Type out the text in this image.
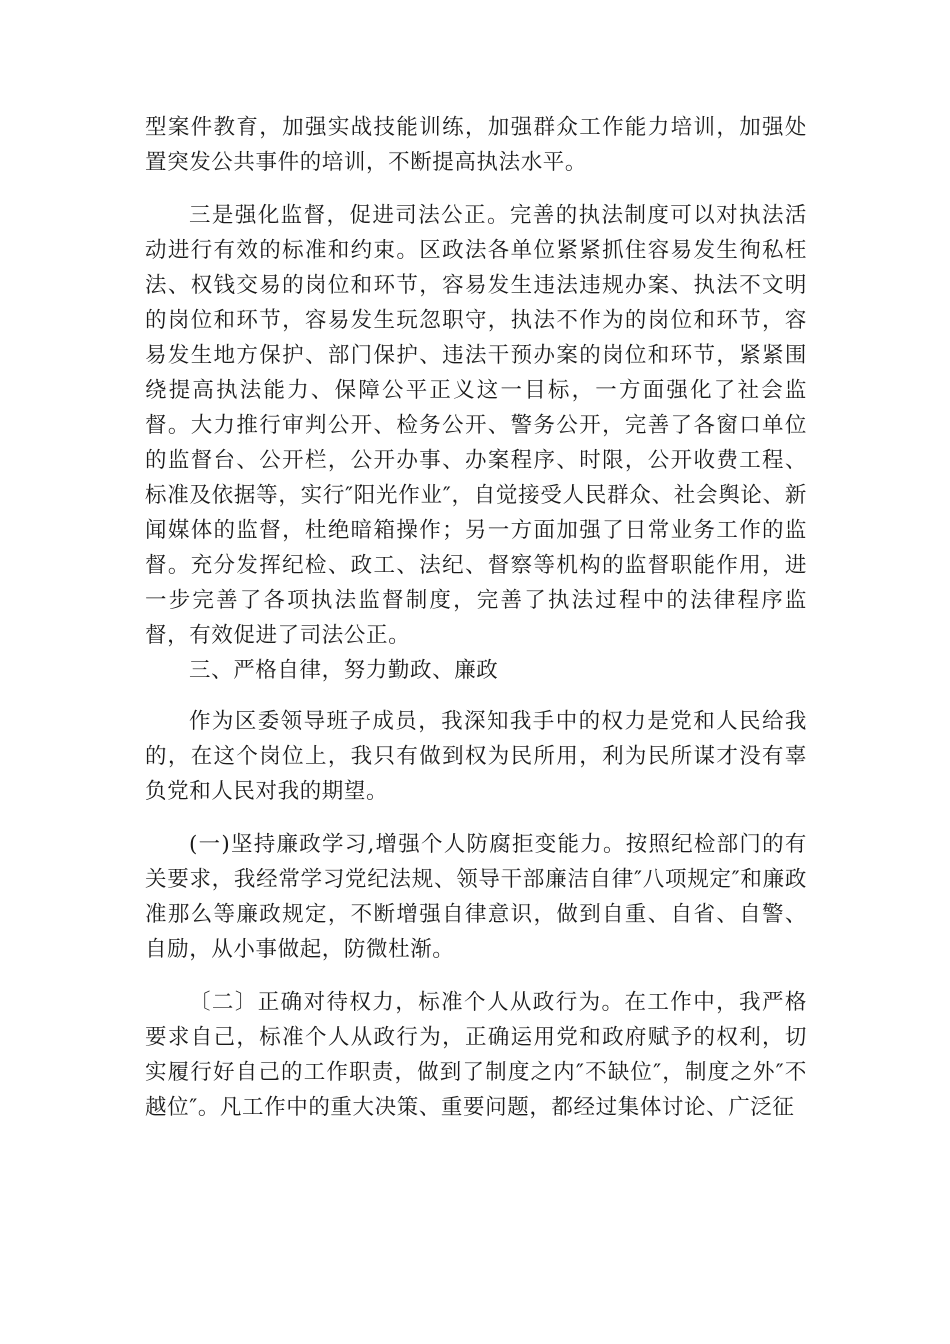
型案件教育，加强实战技能训练，加强群众工作能力培训，加强处置突发公共事件的培训，不断提高执法水平。

三是强化监督，促进司法公正。完善的执法制度可以对执法活动进行有效的标准和约束。区政法各单位紧紧抓住容易发生徇私枉法、权钱交易的岗位和环节，容易发生违法违规办案、执法不文明的岗位和环节，容易发生玩忽职守，执法不作为的岗位和环节，容易发生地方保护、部门保护、违法干预办案的岗位和环节，紧紧围绕提高执法能力、保障公平正义这一目标，一方面强化了社会监督。大力推行审判公开、检务公开、警务公开，完善了各窗口单位的监督台、公开栏，公开办事、办案程序、时限，公开收费工程、标准及依据等，实行″阳光作业″，自觉接受人民群众、社会舆论、新闻媒体的监督，杜绝暗箱操作；另一方面加强了日常业务工作的监督。充分发挥纪检、政工、法纪、督察等机构的监督职能作用，进一步完善了各项执法监督制度，完善了执法过程中的法律程序监督，有效促进了司法公正。

三、严格自律，努力勤政、廉政

作为区委领导班子成员，我深知我手中的权力是党和人民给我的，在这个岗位上，我只有做到权为民所用，利为民所谋才没有辜负党和人民对我的期望。

(一)坚持廉政学习,增强个人防腐拒变能力。按照纪检部门的有关要求，我经常学习党纪法规、领导干部廉洁自律″八项规定″和廉政准那么等廉政规定，不断增强自律意识，做到自重、自省、自警、自励，从小事做起，防微杜渐。

〔二〕正确对待权力，标准个人从政行为。在工作中，我严格要求自己，标准个人从政行为，正确运用党和政府赋予的权利，切实履行好自己的工作职责，做到了制度之内″不缺位″，制度之外″不越位″。凡工作中的重大决策、重要问题，都经过集体讨论、广泛征
